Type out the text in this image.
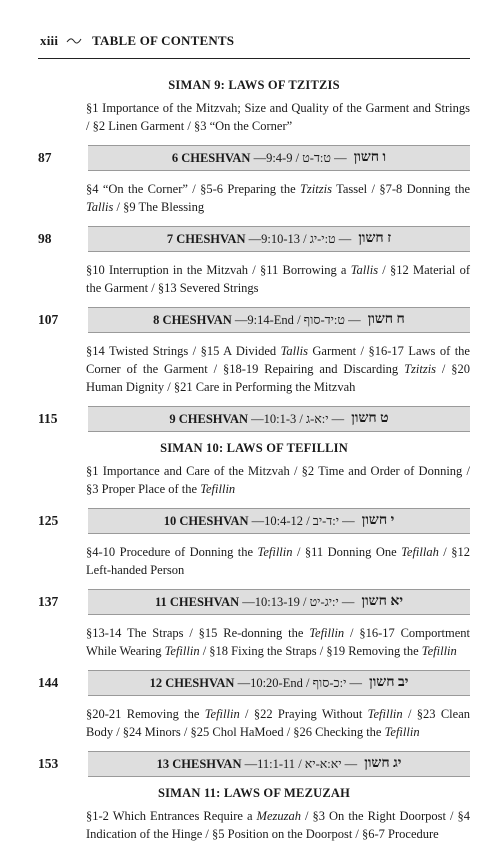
xiii	TABLE OF CONTENTS
SIMAN 9: LAWS OF TZITZIS
§1 Importance of the Mitzvah; Size and Quality of the Garment and Strings / §2 Linen Garment / §3 “On the Corner”
87	6 CHESHVAN — 9:4-9 / ט:ד-ט — ו חשון
§4 “On the Corner” / §5-6 Preparing the Tzitzis Tassel / §7-8 Donning the Tallis / §9 The Blessing
98	7 CHESHVAN — 9:10-13 / ט:י-יג — ז חשון
§10 Interruption in the Mitzvah / §11 Borrowing a Tallis / §12 Material of the Garment / §13 Severed Strings
107	8 CHESHVAN — 9:14-End / ט:יד-סוף — ח חשון
§14 Twisted Strings / §15 A Divided Tallis Garment / §16-17 Laws of the Corner of the Garment / §18-19 Repairing and Discarding Tzitzis / §20 Human Dignity / §21 Care in Performing the Mitzvah
115	9 CHESHVAN — 10:1-3 / י:א-ג — ט חשון
SIMAN 10: LAWS OF TEFILLIN
§1 Importance and Care of the Mitzvah / §2 Time and Order of Donning / §3 Proper Place of the Tefillin
125	10 CHESHVAN — 10:4-12 / י:ד-יב — י חשון
§4-10 Procedure of Donning the Tefillin / §11 Donning One Tefillah / §12 Left-handed Person
137	11 CHESHVAN — 10:13-19 / י:יג-יט — יא חשון
§13-14 The Straps / §15 Re-donning the Tefillin / §16-17 Comportment While Wearing Tefillin / §18 Fixing the Straps / §19 Removing the Tefillin
144	12 CHESHVAN — 10:20-End / י:כ-סוף — יב חשון
§20-21 Removing the Tefillin / §22 Praying Without Tefillin / §23 Clean Body / §24 Minors / §25 Chol HaMoed / §26 Checking the Tefillin
153	13 CHESHVAN — 11:1-11 / יא:א-יא — יג חשון
SIMAN 11: LAWS OF MEZUZAH
§1-2 Which Entrances Require a Mezuzah / §3 On the Right Doorpost / §4 Indication of the Hinge / §5 Position on the Doorpost / §6-7 Procedure
